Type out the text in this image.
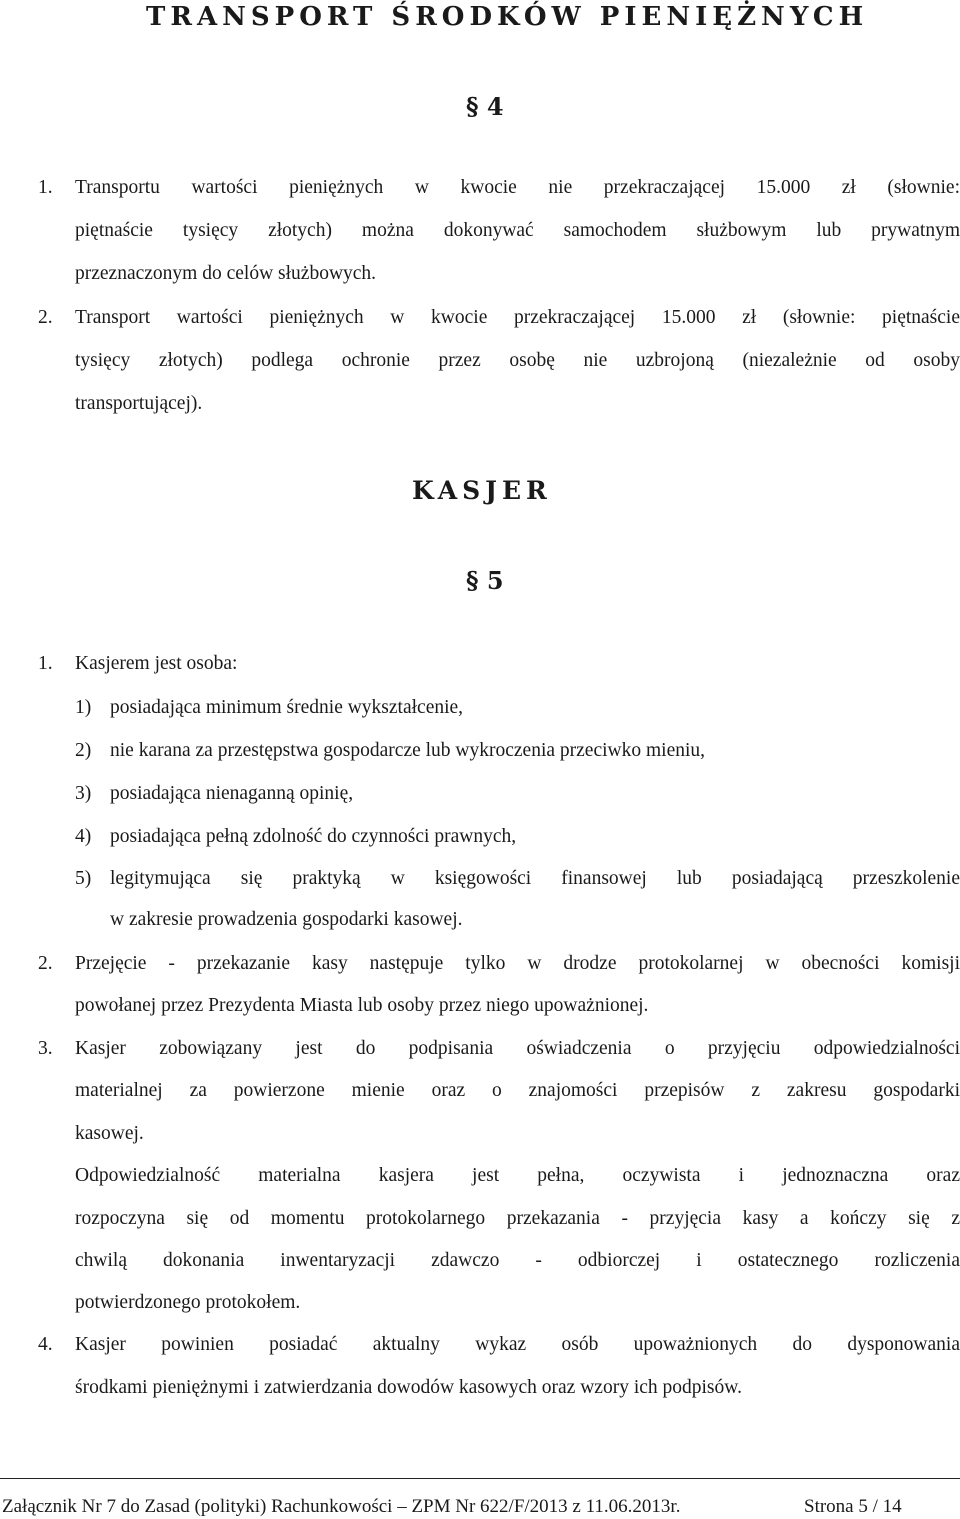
TRANSPORT ŚRODKÓW PIENIĘŻNYCH
§ 4
1. Transportu wartości pieniężnych w kwocie nie przekraczającej 15.000 zł (słownie:
piętnaście tysięcy złotych) można dokonywać samochodem służbowym lub prywatnym
przeznaczonym do celów służbowych.
2. Transport wartości pieniężnych w kwocie przekraczającej 15.000 zł (słownie: piętnaście
tysięcy złotych) podlega ochronie przez osobę nie uzbrojoną (niezależnie od osoby
transportującej).
KASJER
§ 5
1. Kasjerem jest osoba:
1) posiadająca minimum średnie wykształcenie,
2) nie karana za przestępstwa gospodarcze lub wykroczenia przeciwko mieniu,
3) posiadająca nienaganną opinię,
4) posiadająca pełną zdolność do czynności prawnych,
5) legitymująca się praktyką w księgowości finansowej lub posiadającą przeszkolenie
w zakresie prowadzenia gospodarki kasowej.
2. Przejęcie - przekazanie kasy następuje tylko w drodze protokolarnej w obecności komisji
powołanej przez Prezydenta Miasta lub osoby przez niego upoważnionej.
3. Kasjer zobowiązany jest do podpisania oświadczenia o przyjęciu odpowiedzialności
materialnej za powierzone mienie oraz o znajomości przepisów z zakresu gospodarki
kasowej.
Odpowiedzialność materialna kasjera jest pełna, oczywista i jednoznaczna oraz
rozpoczyna się od momentu protokolarnego przekazania - przyjęcia kasy a kończy się z
chwilą dokonania inwentaryzacji zdawczo - odbiorczej i ostatecznego rozliczenia
potwierdzonego protokołem.
4. Kasjer powinien posiadać aktualny wykaz osób upoważnionych do dysponowania
środkami pieniężnymi i zatwierdzania dowodów kasowych oraz wzory ich podpisów.
Załącznik Nr 7 do Zasad (polityki) Rachunkowości – ZPM Nr 622/F/2013 z 11.06.2013r.	Strona 5 / 14
